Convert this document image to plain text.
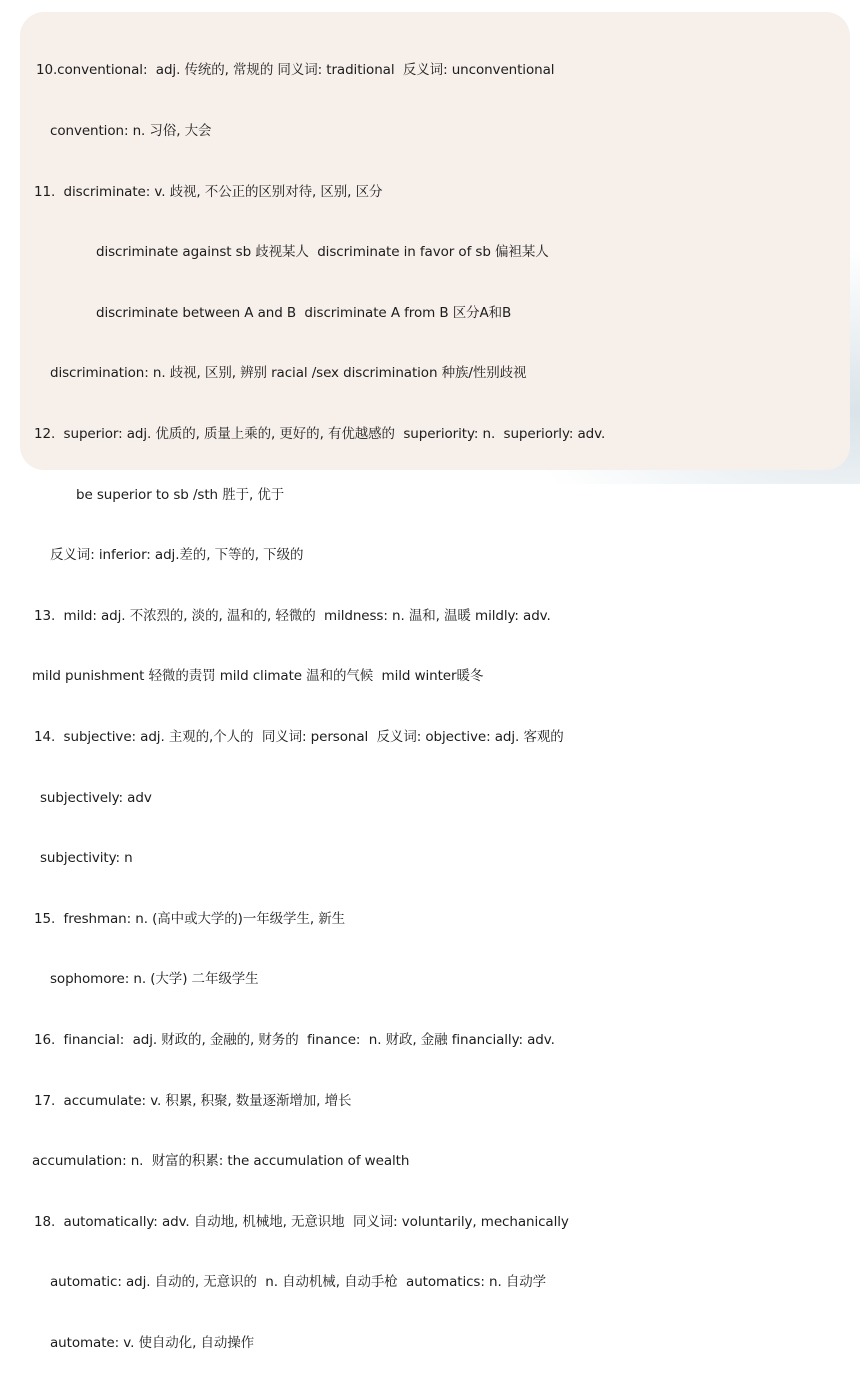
10.conventional:  adj. 传统的, 常规的 同义词: traditional  反义词: unconventional

convention: n. 习俗, 大会

11.  discriminate: v. 歧视, 不公正的区别对待, 区别, 区分

discriminate against sb 歧视某人  discriminate in favor of sb 偏袒某人

discriminate between A and B  discriminate A from B 区分A和B

discrimination: n. 歧视, 区别, 辨别 racial /sex discrimination 种族/性别歧视

12.  superior: adj. 优质的, 质量上乘的, 更好的, 有优越感的  superiority: n.  superiorly: adv.

be superior to sb /sth 胜于, 优于

反义词: inferior: adj.差的, 下等的, 下级的

13.  mild: adj. 不浓烈的, 淡的, 温和的, 轻微的  mildness: n. 温和, 温暖 mildly: adv.

mild punishment 轻微的责罚 mild climate 温和的气候  mild winter暖冬

14.  subjective: adj. 主观的,个人的  同义词: personal  反义词: objective: adj. 客观的

subjectively: adv

subjectivity: n

15.  freshman: n. (高中或大学的)一年级学生, 新生

sophomore: n. (大学) 二年级学生

16.  financial:  adj. 财政的, 金融的, 财务的  finance:  n. 财政, 金融 financially: adv.

17.  accumulate: v. 积累, 积聚, 数量逐渐增加, 增长

accumulation: n.  财富的积累: the accumulation of wealth

18.  automatically: adv. 自动地, 机械地, 无意识地  同义词: voluntarily, mechanically

automatic: adj. 自动的, 无意识的  n. 自动机械, 自动手枪  automatics: n. 自动学

automate: v. 使自动化, 自动操作
